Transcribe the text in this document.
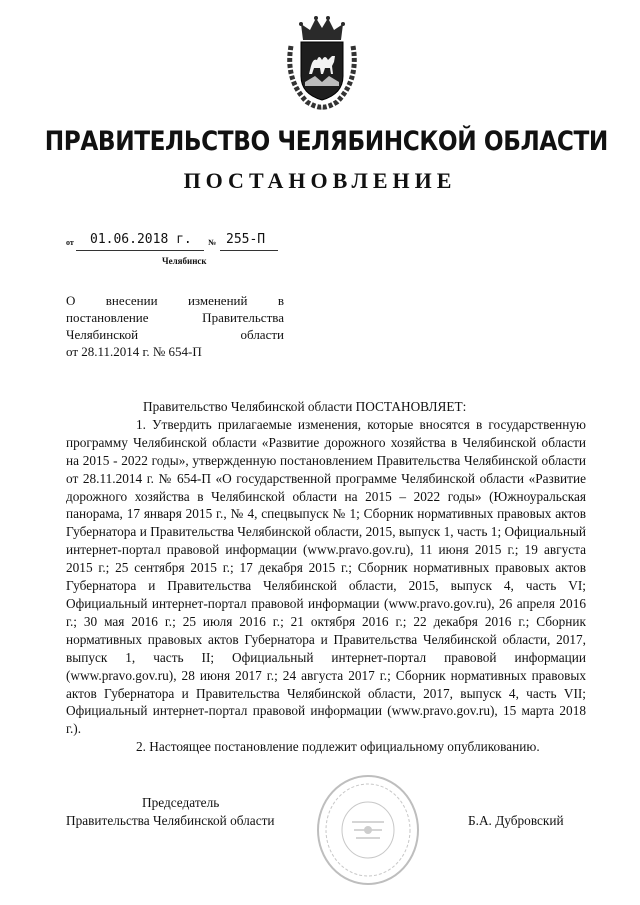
ПРАВИТЕЛЬСТВО ЧЕЛЯБИНСКОЙ ОБЛАСТИ
ПОСТАНОВЛЕНИЕ
от 01.06.2018 г. № 255-П
Челябинск
О внесении изменений в
постановление Правительства
Челябинской области
от 28.11.2014 г. № 654-П

Правительство Челябинской области ПОСТАНОВЛЯЕТ:

1. Утвердить прилагаемые изменения, которые вносятся в государственную программу Челябинской области «Развитие дорожного хозяйства в Челябинской области на 2015 - 2022 годы», утвержденную постановлением Правительства Челябинской области от 28.11.2014 г. № 654-П «О государственной программе Челябинской области «Развитие дорожного хозяйства в Челябинской области на 2015 – 2022 годы» (Южноуральская панорама, 17 января 2015 г., № 4, спецвыпуск № 1; Сборник нормативных правовых актов Губернатора и Правительства Челябинской области, 2015, выпуск 1, часть 1; Официальный интернет-портал правовой информации (www.pravo.gov.ru), 11 июня 2015 г.; 19 августа 2015 г.; 25 сентября 2015 г.; 17 декабря 2015 г.; Сборник нормативных правовых актов Губернатора и Правительства Челябинской области, 2015, выпуск 4, часть VI; Официальный интернет-портал правовой информации (www.pravo.gov.ru), 26 апреля 2016 г.; 30 мая 2016 г.; 25 июля 2016 г.; 21 октября 2016 г.; 22 декабря 2016 г.; Сборник нормативных правовых актов Губернатора и Правительства Челябинской области, 2017, выпуск 1, часть II; Официальный интернет-портал правовой информации (www.pravo.gov.ru), 28 июня 2017 г.; 24 августа 2017 г.; Сборник нормативных правовых актов Губернатора и Правительства Челябинской области, 2017, выпуск 4, часть VII; Официальный интернет-портал правовой информации (www.pravo.gov.ru), 15 марта 2018 г.).

2. Настоящее постановление подлежит официальному опубликованию.

Председатель
Правительства Челябинской области	Б.А. Дубровский
